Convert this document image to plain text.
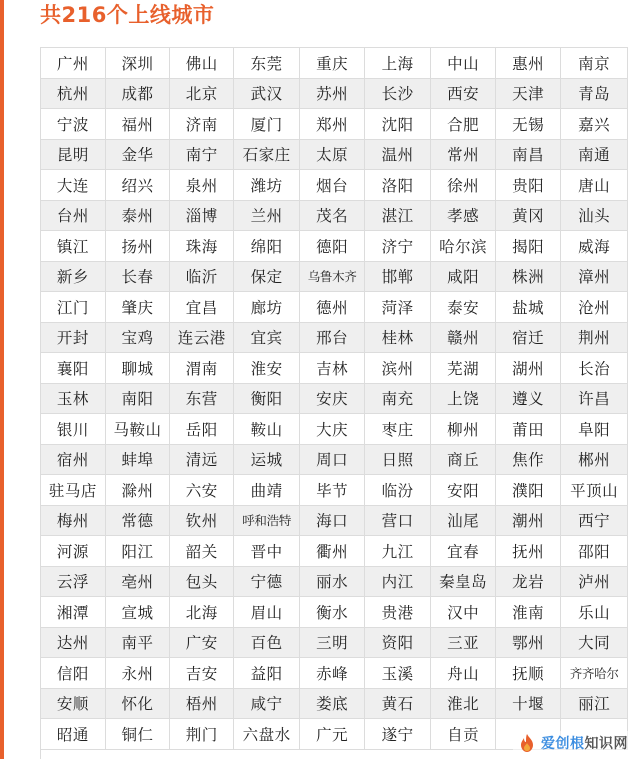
共216个上线城市
广州	深圳	佛山	东莞	重庆	上海	中山	惠州	南京
杭州	成都	北京	武汉	苏州	长沙	西安	天津	青岛
宁波	福州	济南	厦门	郑州	沈阳	合肥	无锡	嘉兴
昆明	金华	南宁	石家庄	太原	温州	常州	南昌	南通
大连	绍兴	泉州	潍坊	烟台	洛阳	徐州	贵阳	唐山
台州	泰州	淄博	兰州	茂名	湛江	孝感	黄冈	汕头
镇江	扬州	珠海	绵阳	德阳	济宁	哈尔滨	揭阳	威海
新乡	长春	临沂	保定	乌鲁木齐	邯郸	咸阳	株洲	漳州
江门	肇庆	宜昌	廊坊	德州	菏泽	泰安	盐城	沧州
开封	宝鸡	连云港	宜宾	邢台	桂林	赣州	宿迁	荆州
襄阳	聊城	渭南	淮安	吉林	滨州	芜湖	湖州	长治
玉林	南阳	东营	衡阳	安庆	南充	上饶	遵义	许昌
银川	马鞍山	岳阳	鞍山	大庆	枣庄	柳州	莆田	阜阳
宿州	蚌埠	清远	运城	周口	日照	商丘	焦作	郴州
驻马店	滁州	六安	曲靖	毕节	临汾	安阳	濮阳	平顶山
梅州	常德	钦州	呼和浩特	海口	营口	汕尾	潮州	西宁
河源	阳江	韶关	晋中	衢州	九江	宜春	抚州	邵阳
云浮	亳州	包头	宁德	丽水	内江	秦皇岛	龙岩	泸州
湘潭	宣城	北海	眉山	衡水	贵港	汉中	淮南	乐山
达州	南平	广安	百色	三明	资阳	三亚	鄂州	大同
信阳	永州	吉安	益阳	赤峰	玉溪	舟山	抚顺	齐齐哈尔
安顺	怀化	梧州	咸宁	娄底	黄石	淮北	十堰	丽江
昭通	铜仁	荆门	六盘水	广元	遂宁	自贡		
爱创根知识网
